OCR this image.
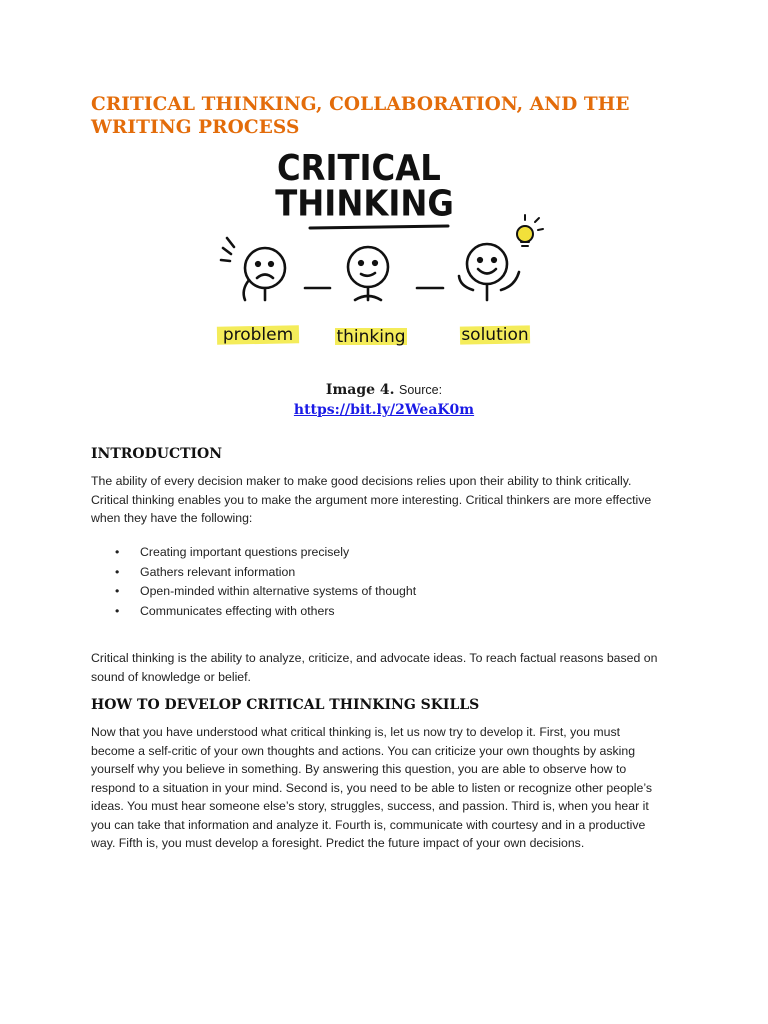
CRITICAL THINKING, COLLABORATION, AND THE
WRITING PROCESS
CRITICAL
THINKING
problem	thinking	solution
Image 4. Source:
https://bit.ly/2WeaK0m
INTRODUCTION

The ability of every decision maker to make good decisions relies upon their ability to think critically.
Critical thinking enables you to make the argument more interesting. Critical thinkers are more effective
when they have the following:

• Creating important questions precisely
• Gathers relevant information
• Open-minded within alternative systems of thought
• Communicates effecting with others

Critical thinking is the ability to analyze, criticize, and advocate ideas. To reach factual reasons based on
sound of knowledge or belief.

HOW TO DEVELOP CRITICAL THINKING SKILLS

Now that you have understood what critical thinking is, let us now try to develop it. First, you must
become a self-critic of your own thoughts and actions. You can criticize your own thoughts by asking
yourself why you believe in something. By answering this question, you are able to observe how to
respond to a situation in your mind. Second is, you need to be able to listen or recognize other people’s
ideas. You must hear someone else’s story, struggles, success, and passion. Third is, when you hear it
you can take that information and analyze it. Fourth is, communicate with courtesy and in a productive
way. Fifth is, you must develop a foresight. Predict the future impact of your own decisions.
